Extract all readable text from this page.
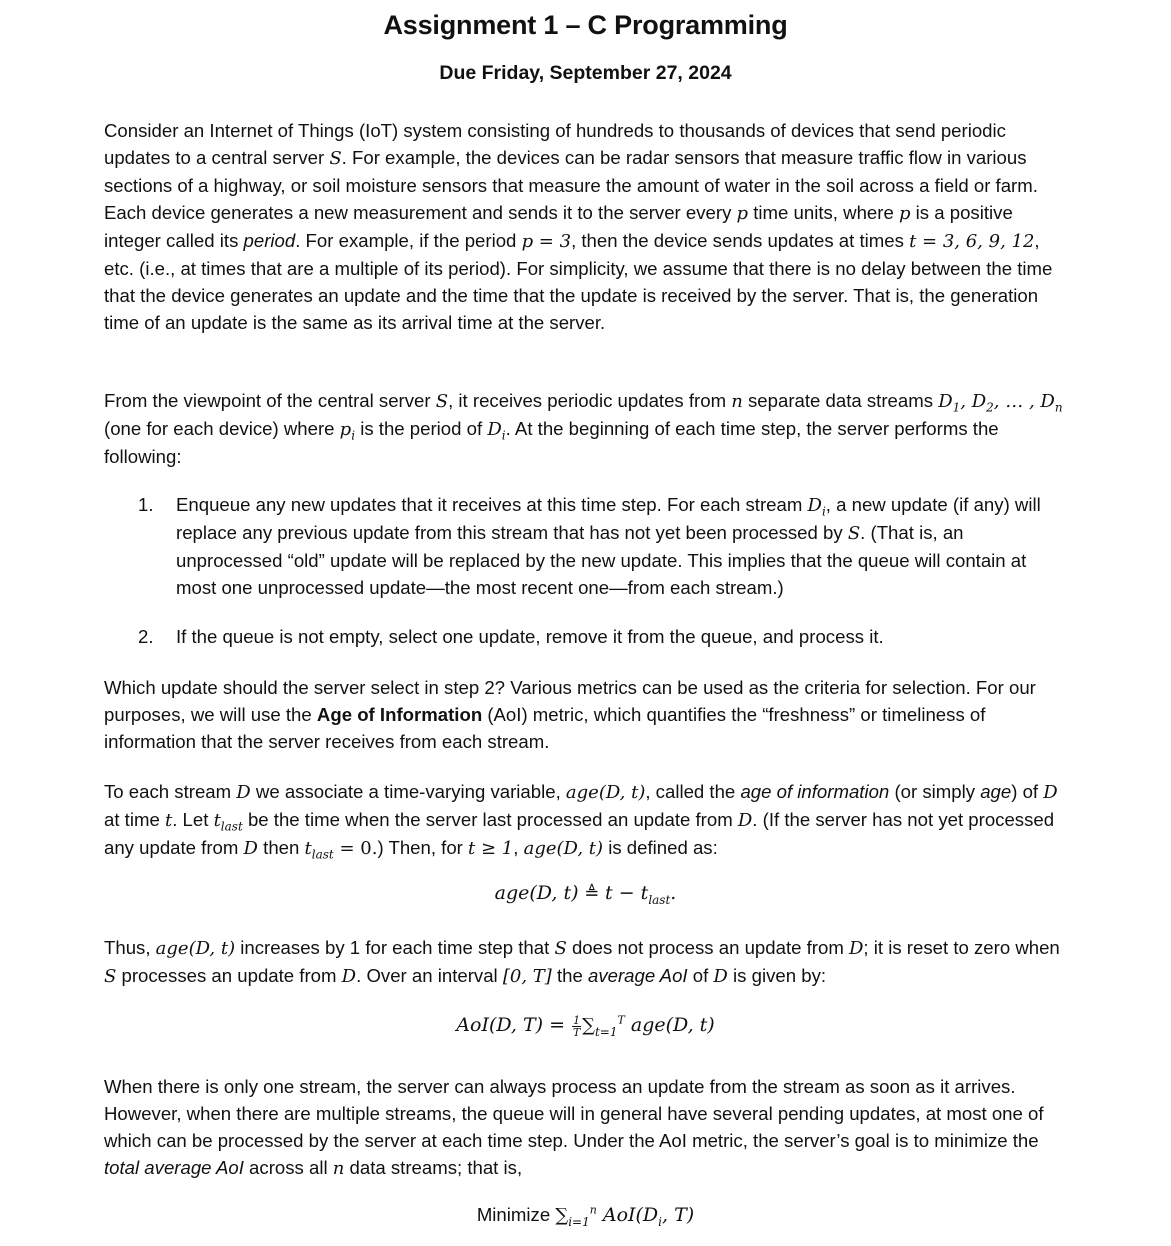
Assignment 1 – C Programming
Due Friday, September 27, 2024

Consider an Internet of Things (IoT) system consisting of hundreds to thousands of devices that send periodic updates to a central server S. For example, the devices can be radar sensors that measure traffic flow in various sections of a highway, or soil moisture sensors that measure the amount of water in the soil across a field or farm. Each device generates a new measurement and sends it to the server every p time units, where p is a positive integer called its period. For example, if the period p = 3, then the device sends updates at times t = 3, 6, 9, 12, etc. (i.e., at times that are a multiple of its period). For simplicity, we assume that there is no delay between the time that the device generates an update and the time that the update is received by the server. That is, the generation time of an update is the same as its arrival time at the server.

From the viewpoint of the central server S, it receives periodic updates from n separate data streams $D_1$, $D_2$, … , $D_n$ (one for each device) where $p_i$ is the period of $D_i$. At the beginning of each time step, the server performs the following:

1. Enqueue any new updates that it receives at this time step. For each stream $D_i$, a new update (if any) will replace any previous update from this stream that has not yet been processed by S. (That is, an unprocessed “old” update will be replaced by the new update. This implies that the queue will contain at most one unprocessed update—the most recent one—from each stream.)
2. If the queue is not empty, select one update, remove it from the queue, and process it.

Which update should the server select in step 2? Various metrics can be used as the criteria for selection. For our purposes, we will use the Age of Information (AoI) metric, which quantifies the “freshness” or timeliness of information that the server receives from each stream.

To each stream D we associate a time-varying variable, age(D, t), called the age of information (or simply age) of D at time t. Let $t_{last}$ be the time when the server last processed an update from D. (If the server has not yet processed any update from D then $t_{last} = 0$.) Then, for t ≥ 1, age(D, t) is defined as:

age(D, t) ≜ $t - t_{last}$.

Thus, age(D, t) increases by 1 for each time step that S does not process an update from D; it is reset to zero when S processes an update from D. Over an interval [0, T] the average AoI of D is given by:

AoI(D, $T) = \frac{1}{T} \sum_{t=1}^T$ age(D, t)

When there is only one stream, the server can always process an update from the stream as soon as it arrives. However, when there are multiple streams, the queue will in general have several pending updates, at most one of which can be processed by the server at each time step. Under the AoI metric, the server’s goal is to minimize the total average AoI across all n data streams; that is,

Minimize $\sum_{i=1}^n$ $AoI(D_i$, T)
